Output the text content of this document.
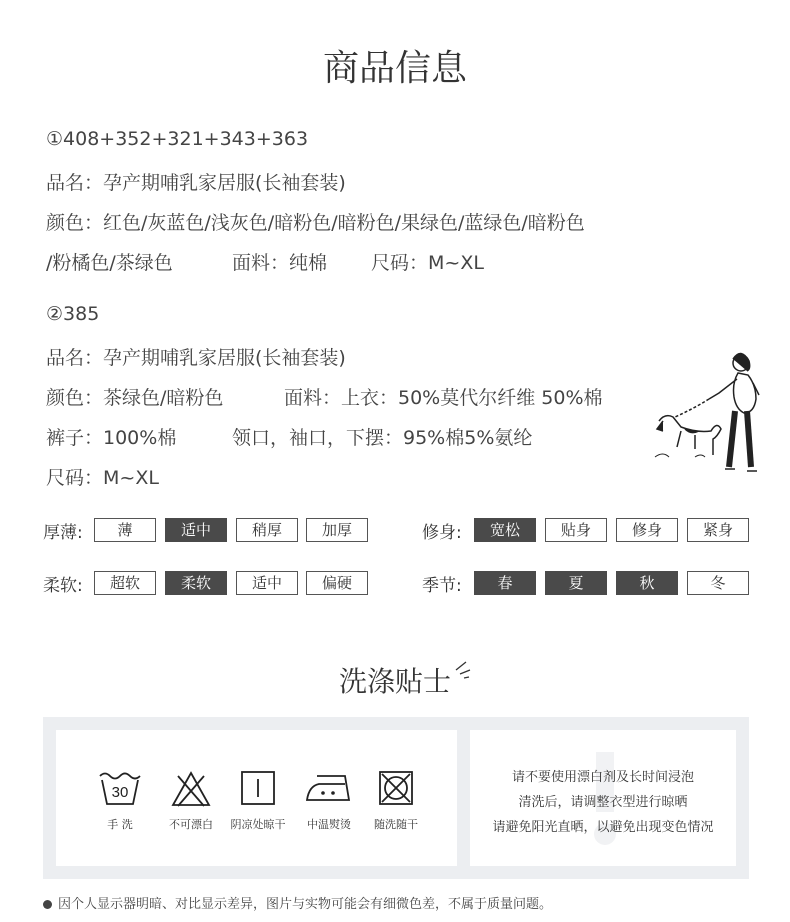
商品信息
①408+352+321+343+363
品名：孕产期哺乳家居服(长袖套装)
颜色：红色/灰蓝色/浅灰色/暗粉色/暗粉色/果绿色/蓝绿色/暗粉色
/粉橘色/茶绿色	面料：纯棉 尺码：M~XL
②385
品名：孕产期哺乳家居服(长袖套装)
颜色：茶绿色/暗粉色	面料：上衣：50%莫代尔纤维 50%棉
裤子：100%棉	领口，袖口，下摆：95%棉5%氨纶
尺码：M~XL
厚薄:	薄	适中	稍厚	加厚	修身:	宽松	贴身	修身	紧身
柔软:	超软	柔软	适中	偏硬	季节:	春	夏	秋	冬
洗涤贴士
30
手 洗	不可漂白	阴凉处晾干	中温熨烫	随洗随干
请不要使用漂白剂及长时间浸泡
清洗后，请调整衣型进行晾晒
请避免阳光直晒，以避免出现变色情况
因个人显示器明暗、对比显示差异，图片与实物可能会有细微色差，不属于质量问题。
